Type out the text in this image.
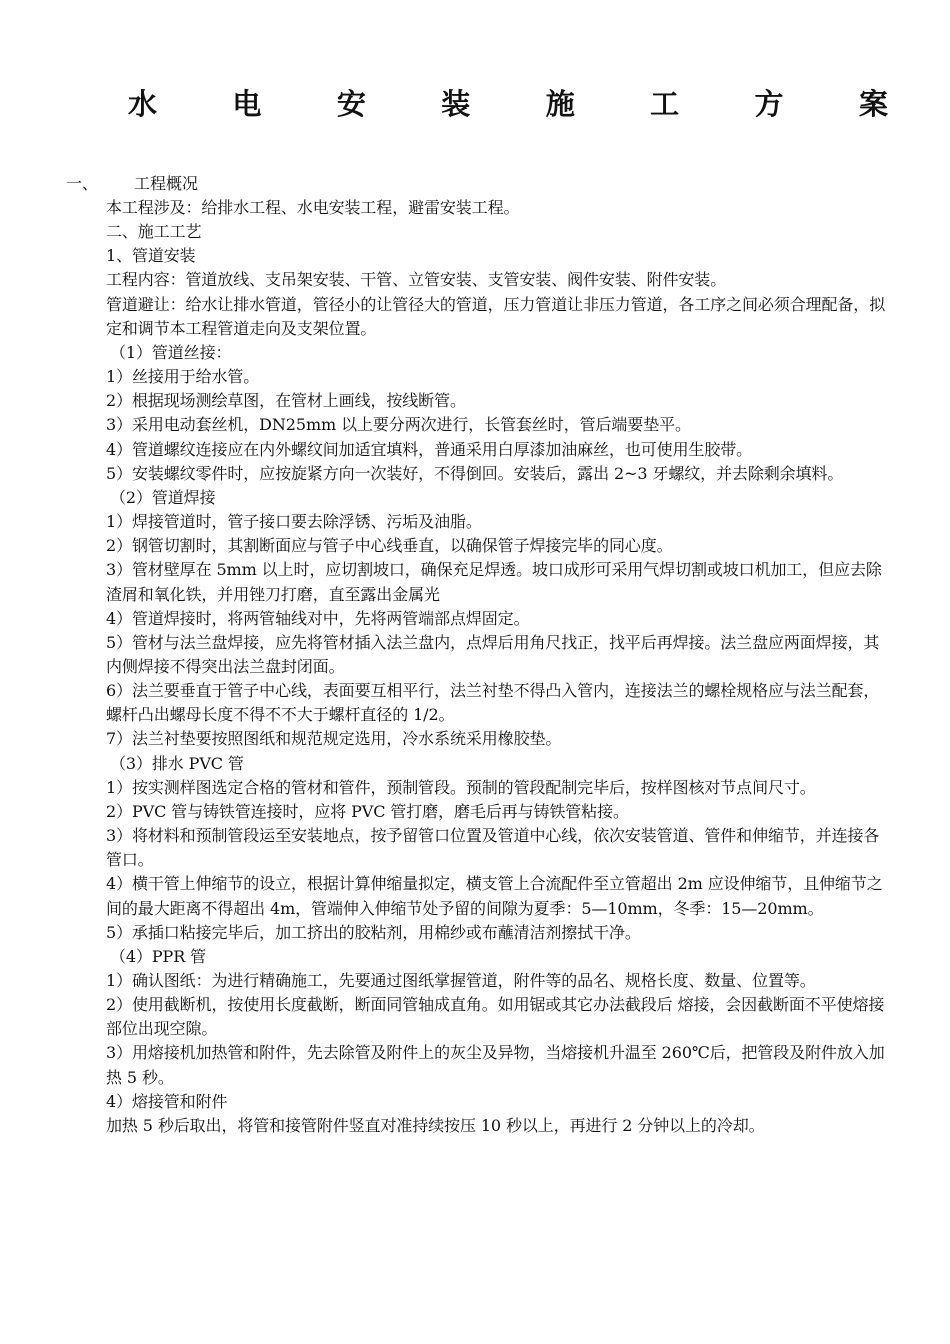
水	电	安	装	施	工	方	案
一、 工程概况

本工程涉及：给排水工程、水电安装工程，避雷安装工程。

二、施工工艺

1、管道安装

工程内容：管道放线、支吊架安装、干管、立管安装、支管安装、阀件安装、附件安装。

管道避让：给水让排水管道，管径小的让管径大的管道，压力管道让非压力管道，各工序之间必须合理配备，拟定和调节本工程管道走向及支架位置。

（1）管道丝接：

1）丝接用于给水管。

2）根据现场测绘草图，在管材上画线，按线断管。

3）采用电动套丝机，DN25mm 以上要分两次进行，长管套丝时，管后端要垫平。

4）管道螺纹连接应在内外螺纹间加适宜填料，普通采用白厚漆加油麻丝，也可使用生胶带。

5）安装螺纹零件时，应按旋紧方向一次装好，不得倒回。安装后，露出 2~3 牙螺纹，并去除剩余填料。

（2）管道焊接

1）焊接管道时，管子接口要去除浮锈、污垢及油脂。

2）钢管切割时，其割断面应与管子中心线垂直，以确保管子焊接完毕的同心度。

3）管材壁厚在 5mm 以上时，应切割坡口，确保充足焊透。坡口成形可采用气焊切割或坡口机加工，但应去除渣屑和氧化铁，并用锉刀打磨，直至露出金属光

4）管道焊接时，将两管轴线对中，先将两管端部点焊固定。

5）管材与法兰盘焊接，应先将管材插入法兰盘内，点焊后用角尺找正，找平后再焊接。法兰盘应两面焊接，其内侧焊接不得突出法兰盘封闭面。

6）法兰要垂直于管子中心线，表面要互相平行，法兰衬垫不得凸入管内，连接法兰的螺栓规格应与法兰配套，螺杆凸出螺母长度不得不不大于螺杆直径的 1/2。

7）法兰衬垫要按照图纸和规范规定选用，冷水系统采用橡胶垫。

（3）排水 PVC 管

1）按实测样图选定合格的管材和管件，预制管段。预制的管段配制完毕后，按样图核对节点间尺寸。

2）PVC 管与铸铁管连接时，应将 PVC 管打磨，磨毛后再与铸铁管粘接。

3）将材料和预制管段运至安装地点，按予留管口位置及管道中心线，依次安装管道、管件和伸缩节，并连接各管口。

4）横干管上伸缩节的设立，根据计算伸缩量拟定，横支管上合流配件至立管超出 2m 应设伸缩节，且伸缩节之间的最大距离不得超出 4m，管端伸入伸缩节处予留的间隙为夏季：5—10mm，冬季：15—20mm。

5）承插口粘接完毕后，加工挤出的胶粘剂，用棉纱或布蘸清洁剂擦拭干净。

（4）PPR 管

1）确认图纸：为进行精确施工，先要通过图纸掌握管道，附件等的品名、规格长度、数量、位置等。

2）使用截断机，按使用长度截断，断面同管轴成直角。如用锯或其它办法截段后 熔接，会因截断面不平使熔接部位出现空隙。

3）用熔接机加热管和附件，先去除管及附件上的灰尘及异物，当熔接机升温至 260℃后，把管段及附件放入加热 5 秒。

4）熔接管和附件

加热 5 秒后取出，将管和接管附件竖直对准持续按压 10 秒以上，再进行 2 分钟以上的冷却。
